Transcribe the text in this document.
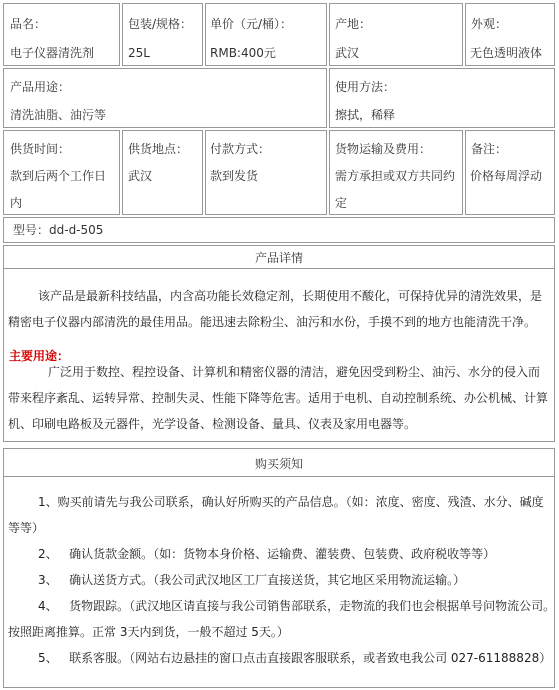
品名：
电子仪器清洗剂
包装/规格：
25L
单价（元/桶）：
RMB:400元
产地：
武汉
外观：
无色透明液体
产品用途：
清洗油脂、油污等
使用方法：
擦拭，稀释
供货时间：
款到后两个工作日
内
供货地点：
武汉
付款方式：
款到发货
货物运输及费用：
需方承担或双方共同约
定
备注：
价格每周浮动
型号：dd-d-505
产品详情
该产品是最新科技结晶，内含高功能长效稳定剂，长期使用不酸化，可保持优异的清洗效果，是
精密电子仪器内部清洗的最佳用品。能迅速去除粉尘、油污和水份，手摸不到的地方也能清洗干净。
主要用途：
广泛用于数控、程控设备、计算机和精密仪器的清洁，避免因受到粉尘、油污、水分的侵入而
带来程序紊乱、运转异常、控制失灵、性能下降等危害。适用于电机、自动控制系统、办公机械、计算
机、印刷电路板及元器件，光学设备、检测设备、量具、仪表及家用电器等。
购买须知
1、购买前请先与我公司联系，确认好所购买的产品信息。（如：浓度、密度、残渣、水分、碱度
等等）
2、   确认货款金额。（如：货物本身价格、运输费、灌装费、包装费、政府税收等等）
3、   确认送货方式。（我公司武汉地区工厂直接送货，其它地区采用物流运输。）
4、   货物跟踪。（武汉地区请直接与我公司销售部联系，走物流的我们也会根据单号问物流公司。
按照距离推算。正常 3天内到货，一般不超过 5天。）
5、   联系客服。（网站右边悬挂的窗口点击直接跟客服联系，或者致电我公司 027-61188828）
